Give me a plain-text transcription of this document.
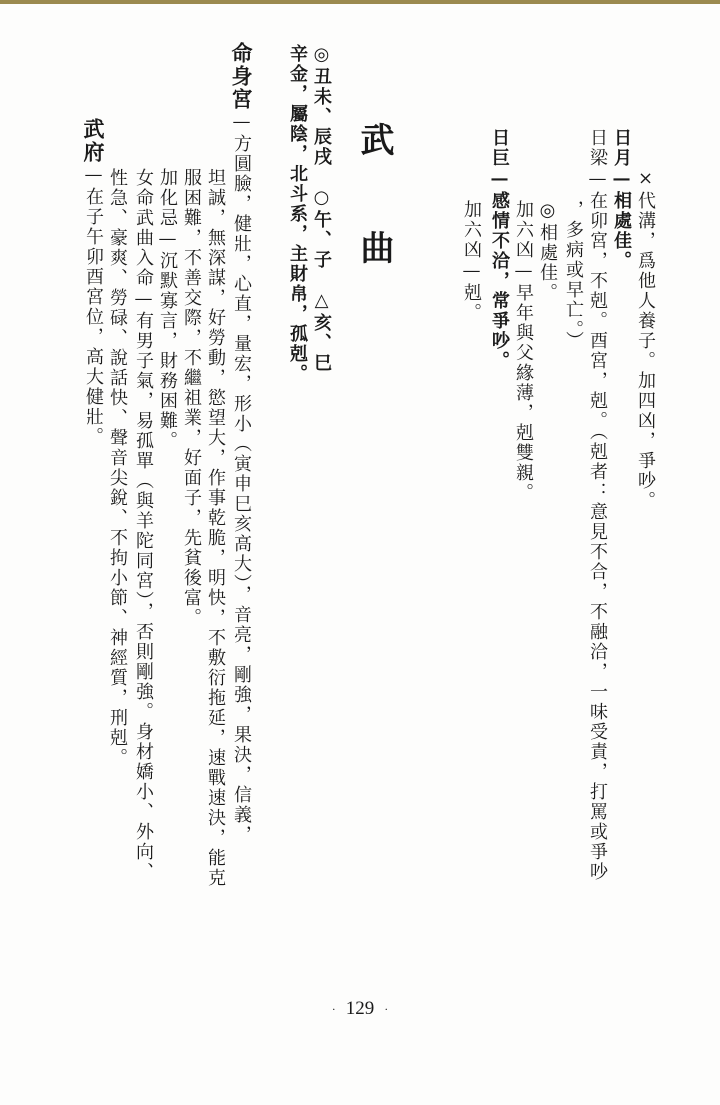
×代溝，爲他人養子。加四凶，爭吵。
日月—相處佳。
日梁—在卯宮，不剋。酉宮，剋。（剋者：意見不合，不融洽，一味受責，打罵或爭吵
，多病或早亡。）
◎相處佳。
加六凶—早年與父緣薄，剋雙親。
日巨—感情不洽，常爭吵。
加六凶—剋。
武　曲
◎丑未、辰戌　○午、子　△亥、巳
辛金，屬陰，北斗系，主財帛，孤剋。
命身宮—方圓臉，健壯，心直，量宏，形小（寅申巳亥高大），音亮，剛強，果決，信義，
坦誠，無深謀，好勞動，慾望大，作事乾脆，明快，不敷衍拖延，速戰速決，能克
服困難，不善交際，不繼祖業，好面子，先貧後富。
加化忌—沉默寡言，財務困難。
女命武曲入命—有男子氣，易孤單（與羊陀同宮），否則剛強。身材嬌小、外向、
性急、豪爽、勞碌、說話快、聲音尖銳、不拘小節、神經質，刑剋。
武府—在子午卯酉宮位，高大健壯。
· 129 ·
